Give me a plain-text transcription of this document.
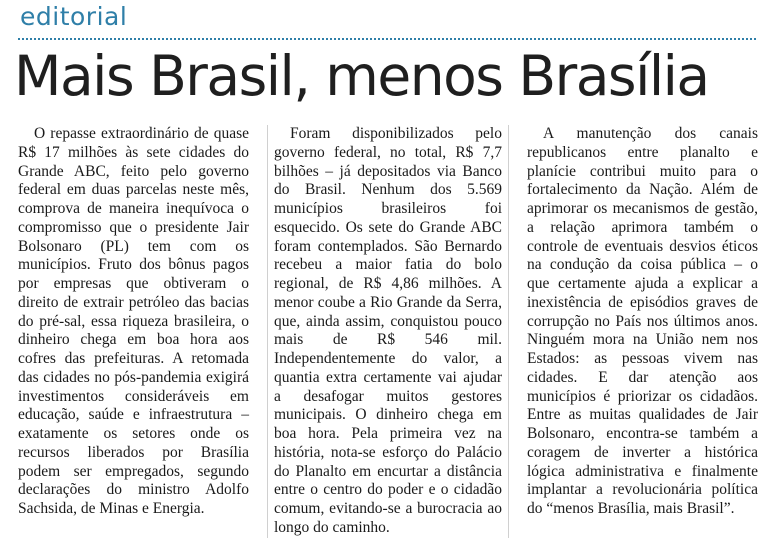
editorial
Mais Brasil, menos Brasília

O repasse extraordinário de quase R$ 17 milhões às sete cidades do Grande ABC, feito pelo governo federal em duas parcelas neste mês, comprova de maneira inequívoca o compromisso que o presidente Jair Bolsonaro (PL) tem com os municípios. Fruto dos bônus pagos por empresas que obtiveram o direito de extrair petróleo das bacias do pré-sal, essa riqueza brasileira, o dinheiro chega em boa hora aos cofres das prefeituras. A retomada das cidades no pós-pandemia exigirá investimentos consideráveis em educação, saúde e infraestrutura – exatamente os setores onde os recursos liberados por Brasília podem ser empregados, segundo declarações do ministro Adolfo Sachsida, de Minas e Energia.

Foram disponibilizados pelo governo federal, no total, R$ 7,7 bilhões – já depositados via Banco do Brasil. Nenhum dos 5.569 municípios brasileiros foi esquecido. Os sete do Grande ABC foram contemplados. São Bernardo recebeu a maior fatia do bolo regional, de R$ 4,86 milhões. A menor coube a Rio Grande da Serra, que, ainda assim, conquistou pouco mais de R$ 546 mil. Independentemente do valor, a quantia extra certamente vai ajudar a desafogar muitos gestores municipais. O dinheiro chega em boa hora. Pela primeira vez na história, nota-se esforço do Palácio do Planalto em encurtar a distância entre o centro do poder e o cidadão comum, evitando-se a burocracia ao longo do caminho.

A manutenção dos canais republicanos entre planalto e planície contribui muito para o fortalecimento da Nação. Além de aprimorar os mecanismos de gestão, a relação aprimora também o controle de eventuais desvios éticos na condução da coisa pública – o que certamente ajuda a explicar a inexistência de episódios graves de corrupção no País nos últimos anos. Ninguém mora na União nem nos Estados: as pessoas vivem nas cidades. E dar atenção aos municípios é priorizar os cidadãos. Entre as muitas qualidades de Jair Bolsonaro, encontra-se também a coragem de inverter a histórica lógica administrativa e finalmente implantar a revolucionária política do “menos Brasília, mais Brasil”.
